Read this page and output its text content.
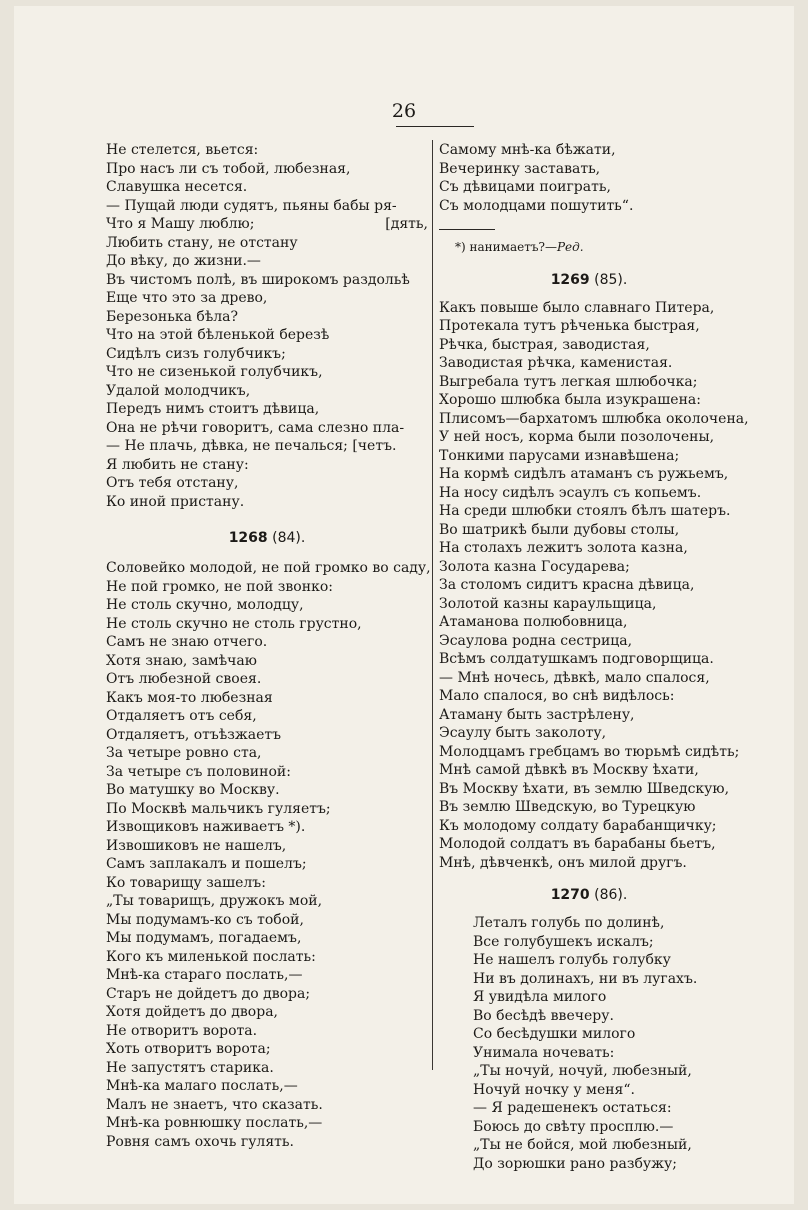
26
Не стелется, вьется:
Про насъ ли съ тобой, любезная,
Славушка несется.
— Пущай люди судятъ, пьяны бабы ря-
Что я Машу люблю;	[дять,
Любить стану, не отстану
До вѣку, до жизни.—
Въ чистомъ полѣ, въ широкомъ раздольѣ
Еще что это за древо,
Березонька бѣла?
Что на этой бѣленькой березѣ
Сидѣлъ сизъ голубчикъ;
Что не сизенькой голубчикъ,
Удалой молодчикъ,
Передъ нимъ стоитъ дѣвица,
Она не рѣчи говоритъ, сама слезно пла-
— Не плачь, дѣвка, не печалься; [четъ.
Я любить не стану:
Отъ тебя отстану,
Ко иной пристану.
1268 (84).
Соловейко молодой, не пой громко во саду,
Не пой громко, не пой звонко:
Не столь скучно, молодцу,
Не столь скучно не столь грустно,
Самъ не знаю отчего.
Хотя знаю, замѣчаю
Отъ любезной своея.
Какъ моя-то любезная
Отдаляетъ отъ себя,
Отдаляетъ, отъѣзжаетъ
За четыре ровно ста,
За четыре съ половиной:
Во матушку во Москву.
По Москвѣ мальчикъ гуляетъ;
Извощиковъ наживаетъ *).
Извошиковъ не нашелъ,
Самъ заплакалъ и пошелъ;
Ко товарищу зашелъ:
„Ты товарищъ, дружокъ мой,
Мы подумамъ-ко съ тобой,
Мы подумамъ, погадаемъ,
Кого къ миленькой послать:
Мнѣ-ка стараго послать,—
Старъ не дойдетъ до двора;
Хотя дойдетъ до двора,
Не отворитъ ворота.
Хоть отворитъ ворота;
Не запустятъ старика.
Мнѣ-ка малаго послать,—
Малъ не знаетъ, что сказать.
Мнѣ-ка ровнюшку послать,—
Ровня самъ охочь гулять.
Самому мнѣ-ка бѣжати,
Вечеринку заставать,
Съ дѣвицами поиграть,
Съ молодцами пошутить“.
*) нанимаетъ?—Ред.
1269 (85).
Какъ повыше было славнаго Питера,
Протекала тутъ рѣченька быстрая,
Рѣчка, быстрая, заводистая,
Заводистая рѣчка, каменистая.
Выгребала тутъ легкая шлюбочка;
Хорошо шлюбка была изукрашена:
Плисомъ—бархатомъ шлюбка околочена,
У ней носъ, корма были позолочены,
Тонкими парусами изнавѣшена;
На кормѣ сидѣлъ атаманъ съ ружьемъ,
На носу сидѣлъ эсаулъ съ копьемъ.
На среди шлюбки стоялъ бѣлъ шатеръ.
Во шатрикѣ были дубовы столы,
На столахъ лежитъ золота казна,
Золота казна Государева;
За столомъ сидитъ красна дѣвица,
Золотой казны караульщица,
Атаманова полюбовница,
Эсаулова родна сестрица,
Всѣмъ солдатушкамъ подговорщица.
— Мнѣ ночесь, дѣвкѣ, мало спалося,
Мало спалося, во снѣ видѣлось:
Атаману быть застрѣлену,
Эсаулу быть заколоту,
Молодцамъ гребцамъ во тюрьмѣ сидѣть;
Мнѣ самой дѣвкѣ въ Москву ѣхати,
Въ Москву ѣхати, въ землю Шведскую,
Въ землю Шведскую, во Турецкую
Къ молодому солдату барабанщичку;
Молодой солдатъ въ барабаны бьетъ,
Мнѣ, дѣвченкѣ, онъ милой другъ.
1270 (86).
Леталъ голубь по долинѣ,
Все голубушекъ искалъ;
Не нашелъ голубь голубку
Ни въ долинахъ, ни въ лугахъ.
Я увидѣла милого
Во бесѣдѣ ввечеру.
Со бесѣдушки милого
Унимала ночевать:
„Ты ночуй, ночуй, любезный,
Ночуй ночку у меня“.
— Я радешенекъ остаться:
Боюсь до свѣту просплю.—
„Ты не бойся, мой любезный,
До зорюшки рано разбужу;
